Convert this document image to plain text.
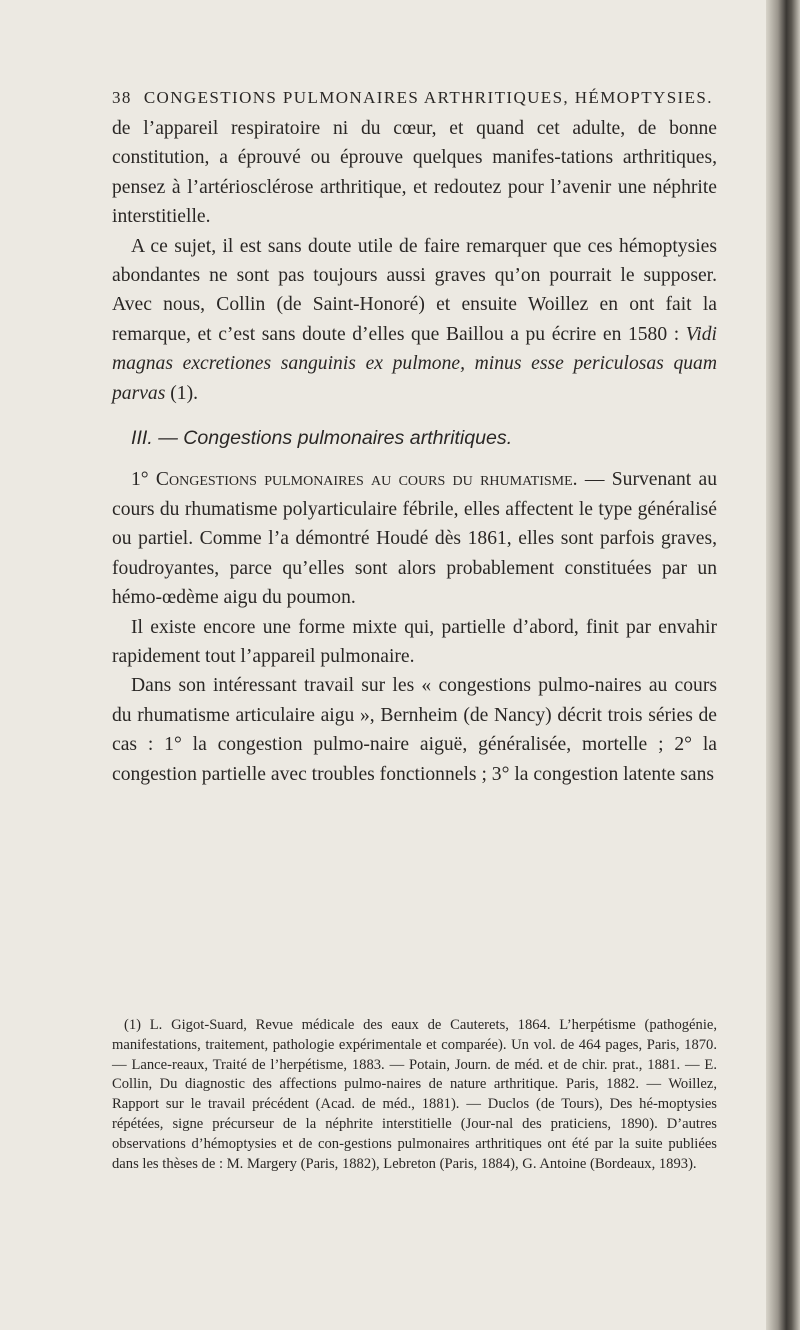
38 CONGESTIONS PULMONAIRES ARTHRITIQUES, HÉMOPTYSIES.

de l’appareil respiratoire ni du cœur, et quand cet adulte, de bonne constitution, a éprouvé ou éprouve quelques manifes-tations arthritiques, pensez à l’artériosclérose arthritique, et redoutez pour l’avenir une néphrite interstitielle.

A ce sujet, il est sans doute utile de faire remarquer que ces hémoptysies abondantes ne sont pas toujours aussi graves qu’on pourrait le supposer. Avec nous, Collin (de Saint-Honoré) et ensuite Woillez en ont fait la remarque, et c’est sans doute d’elles que Baillou a pu écrire en 1580 : Vidi magnas excretiones sanguinis ex pulmone, minus esse periculosas quam parvas (1).

III. — Congestions pulmonaires arthritiques.

1° Congestions pulmonaires au cours du rhumatisme. — Survenant au cours du rhumatisme polyarticulaire fébrile, elles affectent le type généralisé ou partiel. Comme l’a démontré Houdé dès 1861, elles sont parfois graves, foudroyantes, parce qu’elles sont alors probablement constituées par un hémo-œdème aigu du poumon.

Il existe encore une forme mixte qui, partielle d’abord, finit par envahir rapidement tout l’appareil pulmonaire.

Dans son intéressant travail sur les « congestions pulmo-naires au cours du rhumatisme articulaire aigu », Bernheim (de Nancy) décrit trois séries de cas : 1° la congestion pulmo-naire aiguë, généralisée, mortelle ; 2° la congestion partielle avec troubles fonctionnels ; 3° la congestion latente sans

(1) L. Gigot-Suard, Revue médicale des eaux de Cauterets, 1864. L’herpétisme (pathogénie, manifestations, traitement, pathologie expérimentale et comparée). Un vol. de 464 pages, Paris, 1870. — Lance-reaux, Traité de l’herpétisme, 1883. — Potain, Journ. de méd. et de chir. prat., 1881. — E. Collin, Du diagnostic des affections pulmo-naires de nature arthritique. Paris, 1882. — Woillez, Rapport sur le travail précédent (Acad. de méd., 1881). — Duclos (de Tours), Des hé-moptysies répétées, signe précurseur de la néphrite interstitielle (Jour-nal des praticiens, 1890). D’autres observations d’hémoptysies et de con-gestions pulmonaires arthritiques ont été par la suite publiées dans les thèses de : M. Margery (Paris, 1882), Lebreton (Paris, 1884), G. Antoine (Bordeaux, 1893).
